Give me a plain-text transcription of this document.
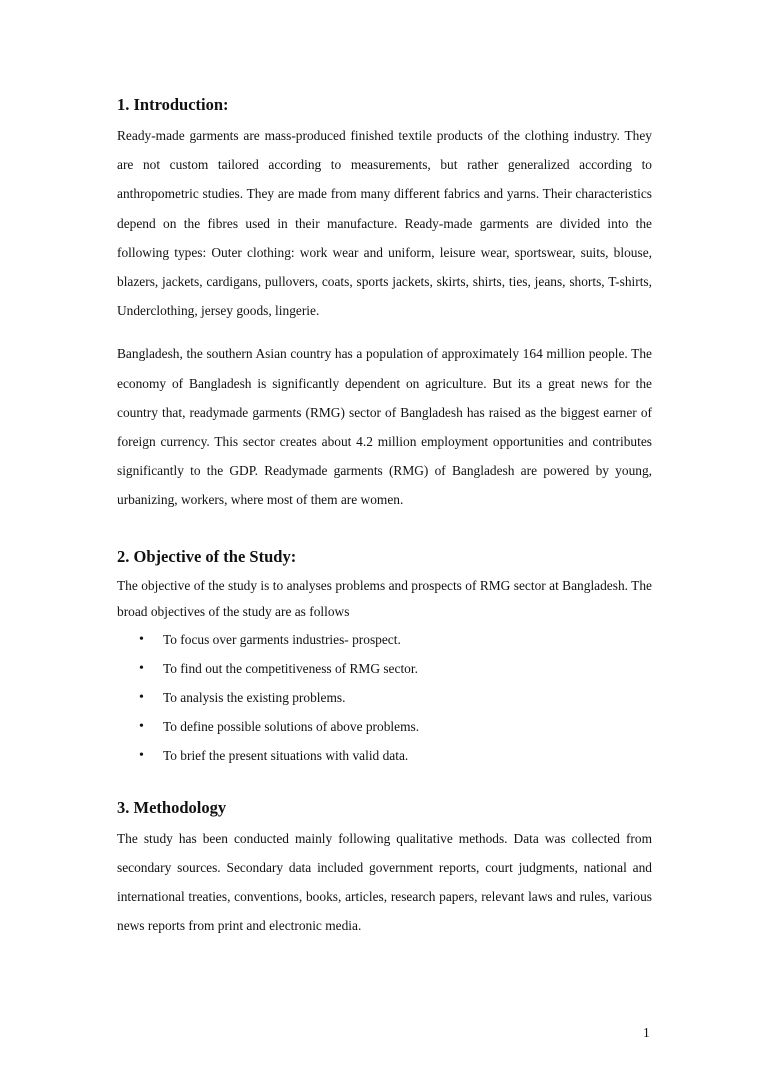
1. Introduction:

Ready-made garments are mass-produced finished textile products of the clothing industry. They are not custom tailored according to measurements, but rather generalized according to anthropometric studies. They are made from many different fabrics and yarns. Their characteristics depend on the fibres used in their manufacture. Ready-made garments are divided into the following types: Outer clothing: work wear and uniform, leisure wear, sportswear, suits, blouse, blazers, jackets, cardigans, pullovers, coats, sports jackets, skirts, shirts, ties, jeans, shorts, T-shirts, Underclothing, jersey goods, lingerie.

Bangladesh, the southern Asian country has a population of approximately 164 million people. The economy of Bangladesh is significantly dependent on agriculture. But its a great news for the country that, readymade garments (RMG) sector of Bangladesh has raised as the biggest earner of foreign currency. This sector creates about 4.2 million employment opportunities and contributes significantly to the GDP. Readymade garments (RMG) of Bangladesh are powered by young, urbanizing, workers, where most of them are women.

2. Objective of the Study:

The objective of the study is to analyses problems and prospects of RMG sector at Bangladesh. The broad objectives of the study are as follows

• To focus over garments industries- prospect.
• To find out the competitiveness of RMG sector.
• To analysis the existing problems.
• To define possible solutions of above problems.
• To brief the present situations with valid data.
3. Methodology

The study has been conducted mainly following qualitative methods. Data was collected from secondary sources. Secondary data included government reports, court judgments, national and international treaties, conventions, books, articles, research papers, relevant laws and rules, various news reports from print and electronic media.

1
